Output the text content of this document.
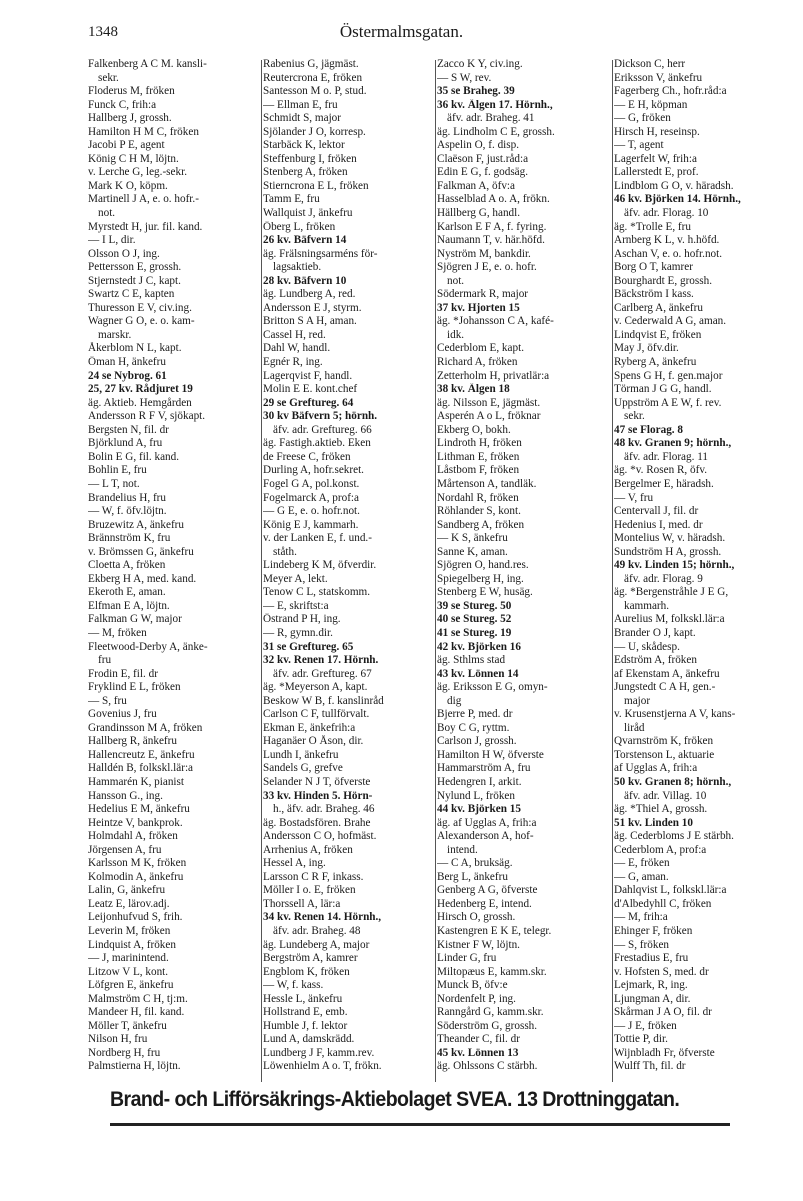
1348	Östermalmsgatan.
Falkenberg A C M. kansli-
sekr.
Floderus M, fröken
Funck C, frih:a
Hallberg J, grossh.
Hamilton H M C, fröken
Jacobi P E, agent
König C H M, löjtn.
v. Lerche G, leg.-sekr.
Mark K O, köpm.
Martinell J A, e. o. hofr.-
not.
Myrstedt H, jur. fil. kand.
— I L, dir.
Olsson O J, ing.
Pettersson E, grossh.
Stjernstedt J C, kapt.
Swartz C E, kapten
Thuresson E V, civ.ing.
Wagner G O, e. o. kam-
marskr.
Åkerblom N L, kapt.
Öman H, änkefru
24 se Nybrog. 61
25, 27 kv. Rådjuret 19
äg. Aktieb. Hemgården
Andersson R F V, sjökapt.
Bergsten N, fil. dr
Björklund A, fru
Bolin E G, fil. kand.
Bohlin E, fru
— L T, not.
Brandelius H, fru
— W, f. öfv.löjtn.
Bruzewitz A, änkefru
Brännström K, fru
v. Brömssen G, änkefru
Cloetta A, fröken
Ekberg H A, med. kand.
Ekeroth E, aman.
Elfman E A, löjtn.
Falkman G W, major
— M, fröken
Fleetwood-Derby A, änke-
fru
Frodin E, fil. dr
Fryklind E L, fröken
— S, fru
Govenius J, fru
Grandinsson M A, fröken
Hallberg R, änkefru
Hallencreutz E, änkefru
Halldén B, folkskl.lär:a
Hammarén K, pianist
Hansson G., ing.
Hedelius E M, änkefru
Heintze V, bankprok.
Holmdahl A, fröken
Jörgensen A, fru
Karlsson M K, fröken
Kolmodin A, änkefru
Lalin, G, änkefru
Leatz E, lärov.adj.
Leijonhufvud S, frih.
Leverin M, fröken
Lindquist A, fröken
— J, marinintend.
Litzow V L, kont.
Löfgren E, änkefru
Malmström C H, tj:m.
Mandeer H, fil. kand.
Möller T, änkefru
Nilson H, fru
Nordberg H, fru
Palmstierna H, löjtn.
Rabenius G, jägmäst.
Reutercrona E, fröken
Santesson M o. P, stud.
— Ellman E, fru
Schmidt S, major
Sjölander J O, korresp.
Starbäck K, lektor
Steffenburg I, fröken
Stenberg A, fröken
Stierncrona E L, fröken
Tamm E, fru
Wallquist J, änkefru
Öberg L, fröken
26 kv. Bäfvern 14
äg. Frälsningsarméns för-
lagsaktieb.
28 kv. Bäfvern 10
äg. Lundberg A, red.
Andersson E J, styrm.
Britton S A H, aman.
Cassel H, red.
Dahl W, handl.
Egnér R, ing.
Lagerqvist F, handl.
Molin E E. kont.chef
29 se Greftureg. 64
30 kv Bäfvern 5; hörnh.
äfv. adr. Greftureg. 66
äg. Fastigh.aktieb. Eken
de Freese C, fröken
Durling A, hofr.sekret.
Fogel G A, pol.konst.
Fogelmarck A, prof:a
— G E, e. o. hofr.not.
König E J, kammarh.
v. der Lanken E, f. und.-
ståth.
Lindeberg K M, öfverdir.
Meyer A, lekt.
Tenow C L, statskomm.
— E, skriftst:a
Östrand P H, ing.
— R, gymn.dir.
31 se Greftureg. 65
32 kv. Renen 17. Hörnh.
äfv. adr. Greftureg. 67
äg. *Meyerson A, kapt.
Beskow W B, f. kanslinråd
Carlson C F, tullförvalt.
Ekman E, änkefrih:a
Haganäer O Åson, dir.
Lundh I, änkefru
Sandels G, grefve
Selander N J T, öfverste
33 kv. Hinden 5. Hörn-
h., äfv. adr. Braheg. 46
äg. Bostadsfören. Brahe
Andersson C O, hofmäst.
Arrhenius A, fröken
Hessel A, ing.
Larsson C R F, inkass.
Möller I o. E, fröken
Thorssell A, lär:a
34 kv. Renen 14. Hörnh.,
äfv. adr. Braheg. 48
äg. Lundeberg A, major
Bergström A, kamrer
Engblom K, fröken
— W, f. kass.
Hessle L, änkefru
Hollstrand E, emb.
Humble J, f. lektor
Lund A, damskrädd.
Lundberg J F, kamm.rev.
Löwenhielm A o. T, frökn.
Zacco K Y, civ.ing.
— S W, rev.
35 se Braheg. 39
36 kv. Älgen 17. Hörnh.,
äfv. adr. Braheg. 41
äg. Lindholm C E, grossh.
Aspelin O, f. disp.
Claëson F, just.råd:a
Edin E G, f. godsäg.
Falkman A, öfv:a
Hasselblad A o. A, frökn.
Hällberg G, handl.
Karlson E F A, f. fyring.
Naumann T, v. här.höfd.
Nyström M, bankdir.
Sjögren J E, e. o. hofr.
not.
Södermark R, major
37 kv. Hjorten 15
äg. *Johansson C A, kafé-
idk.
Cederblom E, kapt.
Richard A, fröken
Zetterholm H, privatlär:a
38 kv. Älgen 18
äg. Nilsson E, jägmäst.
Asperén A o L, fröknar
Ekberg O, bokh.
Lindroth H, fröken
Lithman E, fröken
Låstbom F, fröken
Mårtenson A, tandläk.
Nordahl R, fröken
Röhlander S, kont.
Sandberg A, fröken
— K S, änkefru
Sanne K, aman.
Sjögren O, hand.res.
Spiegelberg H, ing.
Stenberg E W, husäg.
39 se Stureg. 50
40 se Stureg. 52
41 se Stureg. 19
42 kv. Björken 16
äg. Sthlms stad
43 kv. Lönnen 14
äg. Eriksson E G, omyn-
dig
Bjerre P, med. dr
Boy C G, ryttm.
Carlson J, grossh.
Hamilton H W, öfverste
Hammarström A, fru
Hedengren I, arkit.
Nylund L, fröken
44 kv. Björken 15
äg. af Ugglas A, frih:a
Alexanderson A, hof-
intend.
— C A, bruksäg.
Berg L, änkefru
Genberg A G, öfverste
Hedenberg E, intend.
Hirsch O, grossh.
Kastengren E K E, telegr.
Kistner F W, löjtn.
Linder G, fru
Miltopæus E, kamm.skr.
Munck B, öfv:e
Nordenfelt P, ing.
Ranngård G, kamm.skr.
Söderström G, grossh.
Theander C, fil. dr
45 kv. Lönnen 13
äg. Ohlssons C stärbh.
Dickson C, herr
Eriksson V, änkefru
Fagerberg Ch., hofr.råd:a
— E H, köpman
— G, fröken
Hirsch H, reseinsp.
— T, agent
Lagerfelt W, frih:a
Lallerstedt E, prof.
Lindblom G O, v. häradsh.
46 kv. Björken 14. Hörnh.,
äfv. adr. Florag. 10
äg. *Trolle E, fru
Arnberg K L, v. h.höfd.
Aschan V, e. o. hofr.not.
Borg O T, kamrer
Bourghardt E, grossh.
Bäckström I kass.
Carlberg A, änkefru
v. Cederwald A G, aman.
Lindqvist E, fröken
May J, öfv.dir.
Ryberg A, änkefru
Spens G H, f. gen.major
Törman J G G, handl.
Uppström A E W, f. rev.
sekr.
47 se Florag. 8
48 kv. Granen 9; hörnh.,
äfv. adr. Florag. 11
äg. *v. Rosen R, öfv.
Bergelmer E, häradsh.
— V, fru
Centervall J, fil. dr
Hedenius I, med. dr
Montelius W, v. häradsh.
Sundström H A, grossh.
49 kv. Linden 15; hörnh.,
äfv. adr. Florag. 9
äg. *Bergenstråhle J E G,
kammarh.
Aurelius M, folkskl.lär:a
Brander O J, kapt.
— U, skådesp.
Edström A, fröken
af Ekenstam A, änkefru
Jungstedt C A H, gen.-
major
v. Krusenstjerna A V, kans-
liråd
Qvarnström K, fröken
Torstenson L, aktuarie
af Ugglas A, frih:a
50 kv. Granen 8; hörnh.,
äfv. adr. Villag. 10
äg. *Thiel A, grossh.
51 kv. Linden 10
äg. Cederbloms J E stärbh.
Cederblom A, prof:a
— E, fröken
— G, aman.
Dahlqvist L, folkskl.lär:a
d'Albedyhll C, fröken
— M, frih:a
Ehinger F, fröken
— S, fröken
Frestadius E, fru
v. Hofsten S, med. dr
Lejmark, R, ing.
Ljungman A, dir.
Skårman J A O, fil. dr
— J E, fröken
Tottie P, dir.
Wijnbladh Fr, öfverste
Wulff Th, fil. dr
Brand- och Lifförsäkrings-Aktiebolaget SVEA. 13 Drottninggatan.
